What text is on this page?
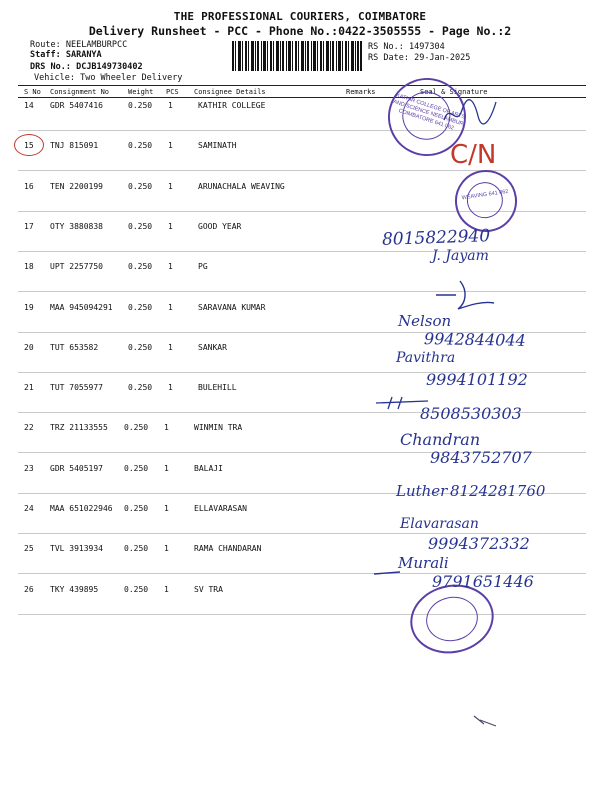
THE PROFESSIONAL COURIERS, COIMBATORE
Delivery Runsheet - PCC - Phone No.:0422-3505555 - Page No.:2
Route: NEELAMBURPCC
Staff: SARANYA
DRS No.: DCJB149730402
Vehicle: Two Wheeler Delivery
RS No.: 1497304
RS Date: 29-Jan-2025
S No Consignment No	Weight PCS Consignee Details	Remarks	Seal & Signature
14 GDR 5407416	0.250 1	KATHIR COLLEGE
15 TNJ 815091	0.250 1	SAMINATH
16 TEN 2200199	0.250 1	ARUNACHALA WEAVING
17 OTY 3880838	0.250 1	GOOD YEAR
18 UPT 2257750	0.250 1	PG
19 MAA 945094291 0.250 1	SARAVANA KUMAR
20 TUT 653582	0.250 1	SANKAR
21 TUT 7055977	0.250 1	BULEHILL
22 TRZ 21133555 0.250 1	WINMIN TRA
23 GDR 5405197	0.250 1	BALAJI
24 MAA 651022946 0.250 1	ELLAVARASAN
25 TVL 3913934	0.250 1	RAMA CHANDARAN
26 TKY 439895	0.250 1	SV TRA
KATHIR COLLEGE OF ARTS AND SCIENCE NEELAMBUR COIMBATORE 641 062
WEAVING 641 062
C/N
8015822940
J. Jayam
Nelson
9942844044
Pavithra
9994101192
8508530303
Chandran
9843752707
Luther 8124281760
Elavarasan
9994372332
Murali
9791651446
